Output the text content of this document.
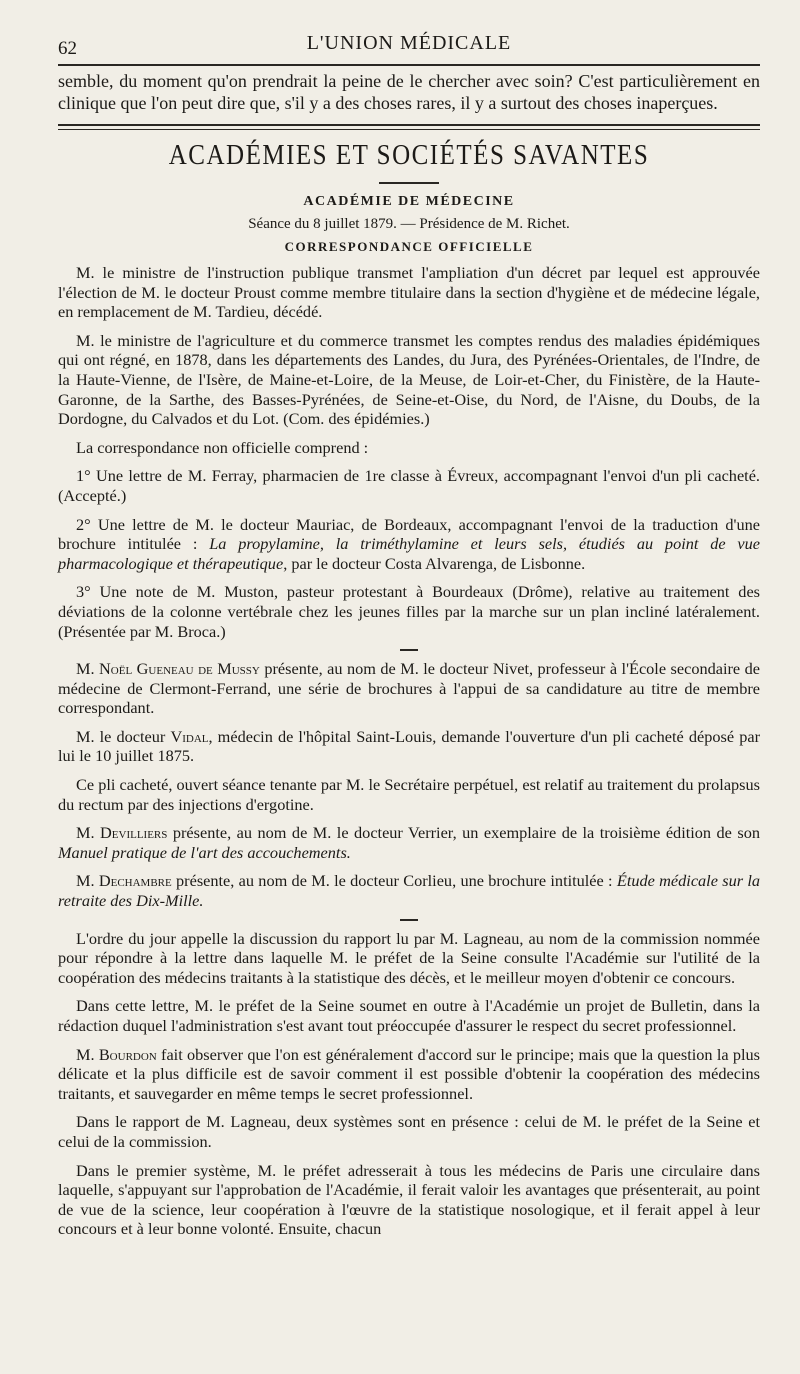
62	L'UNION MÉDICALE

semble, du moment qu'on prendrait la peine de le chercher avec soin? C'est particulièrement en clinique que l'on peut dire que, s'il y a des choses rares, il y a surtout des choses inaperçues.

ACADÉMIES ET SOCIÉTÉS SAVANTES
ACADÉMIE DE MÉDECINE
Séance du 8 juillet 1879. — Présidence de M. Richet.
CORRESPONDANCE OFFICIELLE

M. le ministre de l'instruction publique transmet l'ampliation d'un décret par lequel est approuvée l'élection de M. le docteur Proust comme membre titulaire dans la section d'hygiène et de médecine légale, en remplacement de M. Tardieu, décédé.

M. le ministre de l'agriculture et du commerce transmet les comptes rendus des maladies épidémiques qui ont régné, en 1878, dans les départements des Landes, du Jura, des Pyrénées-Orientales, de l'Indre, de la Haute-Vienne, de l'Isère, de Maine-et-Loire, de la Meuse, de Loir-et-Cher, du Finistère, de la Haute-Garonne, de la Sarthe, des Basses-Pyrénées, de Seine-et-Oise, du Nord, de l'Aisne, du Doubs, de la Dordogne, du Calvados et du Lot. (Com. des épidémies.)

La correspondance non officielle comprend :

1° Une lettre de M. Ferray, pharmacien de 1re classe à Évreux, accompagnant l'envoi d'un pli cacheté. (Accepté.)

2° Une lettre de M. le docteur Mauriac, de Bordeaux, accompagnant l'envoi de la traduction d'une brochure intitulée : La propylamine, la triméthylamine et leurs sels, étudiés au point de vue pharmacologique et thérapeutique, par le docteur Costa Alvarenga, de Lisbonne.

3° Une note de M. Muston, pasteur protestant à Bourdeaux (Drôme), relative au traitement des déviations de la colonne vertébrale chez les jeunes filles par la marche sur un plan incliné latéralement. (Présentée par M. Broca.)

M. Noël Gueneau de Mussy présente, au nom de M. le docteur Nivet, professeur à l'École secondaire de médecine de Clermont-Ferrand, une série de brochures à l'appui de sa candidature au titre de membre correspondant.

M. le docteur Vidal, médecin de l'hôpital Saint-Louis, demande l'ouverture d'un pli cacheté déposé par lui le 10 juillet 1875.

Ce pli cacheté, ouvert séance tenante par M. le Secrétaire perpétuel, est relatif au traitement du prolapsus du rectum par des injections d'ergotine.

M. Devilliers présente, au nom de M. le docteur Verrier, un exemplaire de la troisième édition de son Manuel pratique de l'art des accouchements.

M. Dechambre présente, au nom de M. le docteur Corlieu, une brochure intitulée : Étude médicale sur la retraite des Dix-Mille.

L'ordre du jour appelle la discussion du rapport lu par M. Lagneau, au nom de la commission nommée pour répondre à la lettre dans laquelle M. le préfet de la Seine consulte l'Académie sur l'utilité de la coopération des médecins traitants à la statistique des décès, et le meilleur moyen d'obtenir ce concours.

Dans cette lettre, M. le préfet de la Seine soumet en outre à l'Académie un projet de Bulletin, dans la rédaction duquel l'administration s'est avant tout préoccupée d'assurer le respect du secret professionnel.

M. Bourdon fait observer que l'on est généralement d'accord sur le principe; mais que la question la plus délicate et la plus difficile est de savoir comment il est possible d'obtenir la coopération des médecins traitants, et sauvegarder en même temps le secret professionnel.

Dans le rapport de M. Lagneau, deux systèmes sont en présence : celui de M. le préfet de la Seine et celui de la commission.

Dans le premier système, M. le préfet adresserait à tous les médecins de Paris une circulaire dans laquelle, s'appuyant sur l'approbation de l'Académie, il ferait valoir les avantages que présenterait, au point de vue de la science, leur coopération à l'œuvre de la statistique nosologique, et il ferait appel à leur concours et à leur bonne volonté. Ensuite, chacun
